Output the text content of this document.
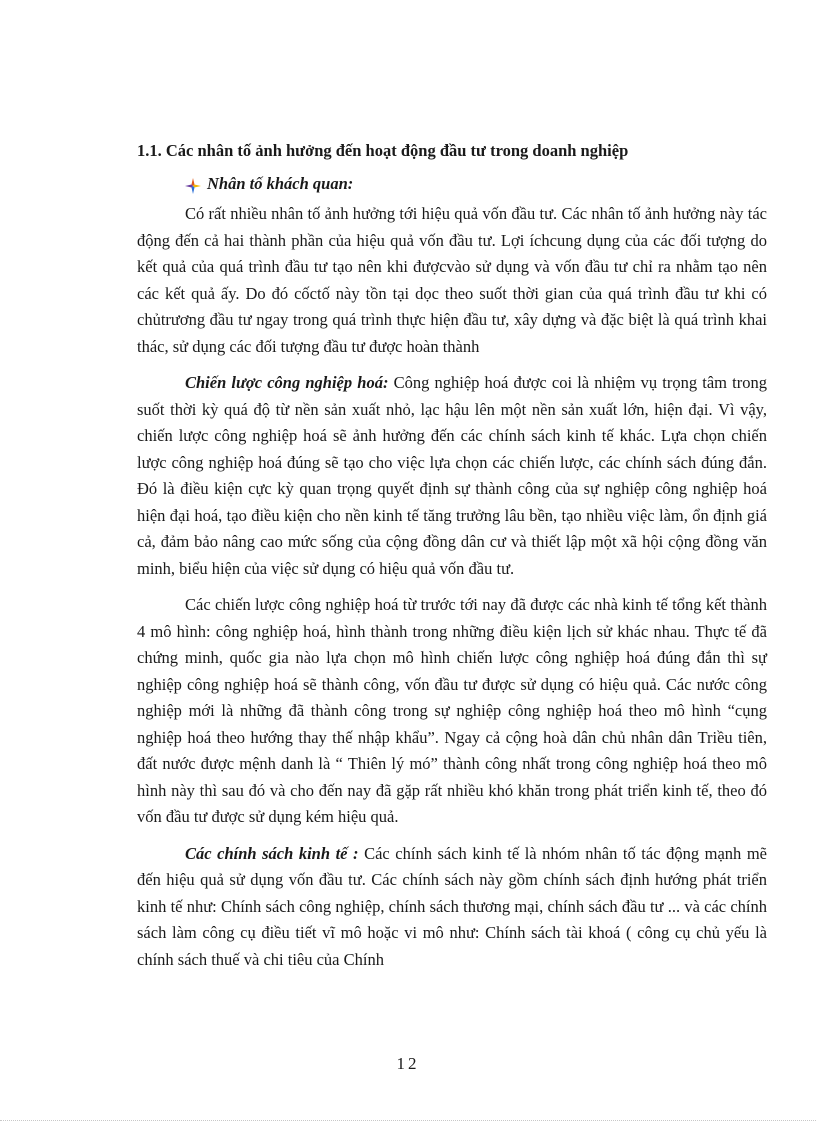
1.1. Các nhân tố ảnh hưởng đến hoạt động đầu tư trong doanh nghiệp
Nhân tố khách quan:

Có rất nhiều nhân tố ảnh hưởng tới hiệu quả vốn đầu tư. Các nhân tố ảnh hưởng này tác động đến cả hai thành phần của hiệu quả vốn đầu tư. Lợi íchcung dụng của các đối tượng do kết quả của quá trình đầu tư tạo nên khi đượcvào sử dụng và vốn đầu tư chỉ ra nhằm tạo nên các kết quả ấy. Do đó cốctố này tồn tại dọc theo suốt thời gian của quá trình đầu tư khi có chủtrương đầu tư ngay trong quá trình thực hiện đầu tư, xây dựng và đặc biệt là quá trình khai thác, sử dụng các đối tượng đầu tư được hoàn thành

Chiến lược công nghiệp hoá: Công nghiệp hoá được coi là nhiệm vụ trọng tâm trong suốt thời kỳ quá độ từ nền sản xuất nhỏ, lạc hậu lên một nền sản xuất lớn, hiện đại. Vì vậy, chiến lược công nghiệp hoá sẽ ảnh hưởng đến các chính sách kinh tế khác. Lựa chọn chiến lược công nghiệp hoá đúng sẽ tạo cho việc lựa chọn các chiến lược, các chính sách đúng đắn. Đó là điều kiện cực kỳ quan trọng quyết định sự thành công của sự nghiệp công nghiệp hoá hiện đại hoá, tạo điều kiện cho nền kinh tế tăng trưởng lâu bền, tạo nhiều việc làm, ổn định giá cả, đảm bảo nâng cao mức sống của cộng đồng dân cư và thiết lập một xã hội cộng đồng văn minh, biểu hiện của việc sử dụng có hiệu quả vốn đầu tư.

Các chiến lược công nghiệp hoá từ trước tới nay đã được các nhà kinh tế tổng kết thành 4 mô hình: công nghiệp hoá, hình thành trong những điều kiện lịch sử khác nhau. Thực tế đã chứng minh, quốc gia nào lựa chọn mô hình chiến lược công nghiệp hoá đúng đắn thì sự nghiệp công nghiệp hoá sẽ thành công, vốn đầu tư được sử dụng có hiệu quả. Các nước công nghiệp mới là những đã thành công trong sự nghiệp công nghiệp hoá theo mô hình “cụng nghiệp hoá theo hướng thay thế nhập khẩu”. Ngay cả cộng hoà dân chủ nhân dân Triều tiên, đất nước được mệnh danh là “ Thiên lý mó” thành công nhất trong công nghiệp hoá theo mô hình này thì sau đó và cho đến nay đã gặp rất nhiều khó khăn trong phát triển kinh tế, theo đó vốn đầu tư được sử dụng kém hiệu quả.

Các chính sách kinh tế : Các chính sách kinh tế là nhóm nhân tố tác động mạnh mẽ đến hiệu quả sử dụng vốn đầu tư. Các chính sách này gồm chính sách định hướng phát triển kinh tế như: Chính sách công nghiệp, chính sách thương mại, chính sách đầu tư ... và các chính sách làm công cụ điều tiết vĩ mô hoặc vi mô như: Chính sách tài khoá ( công cụ chủ yếu là chính sách thuế và chi tiêu của Chính

12
